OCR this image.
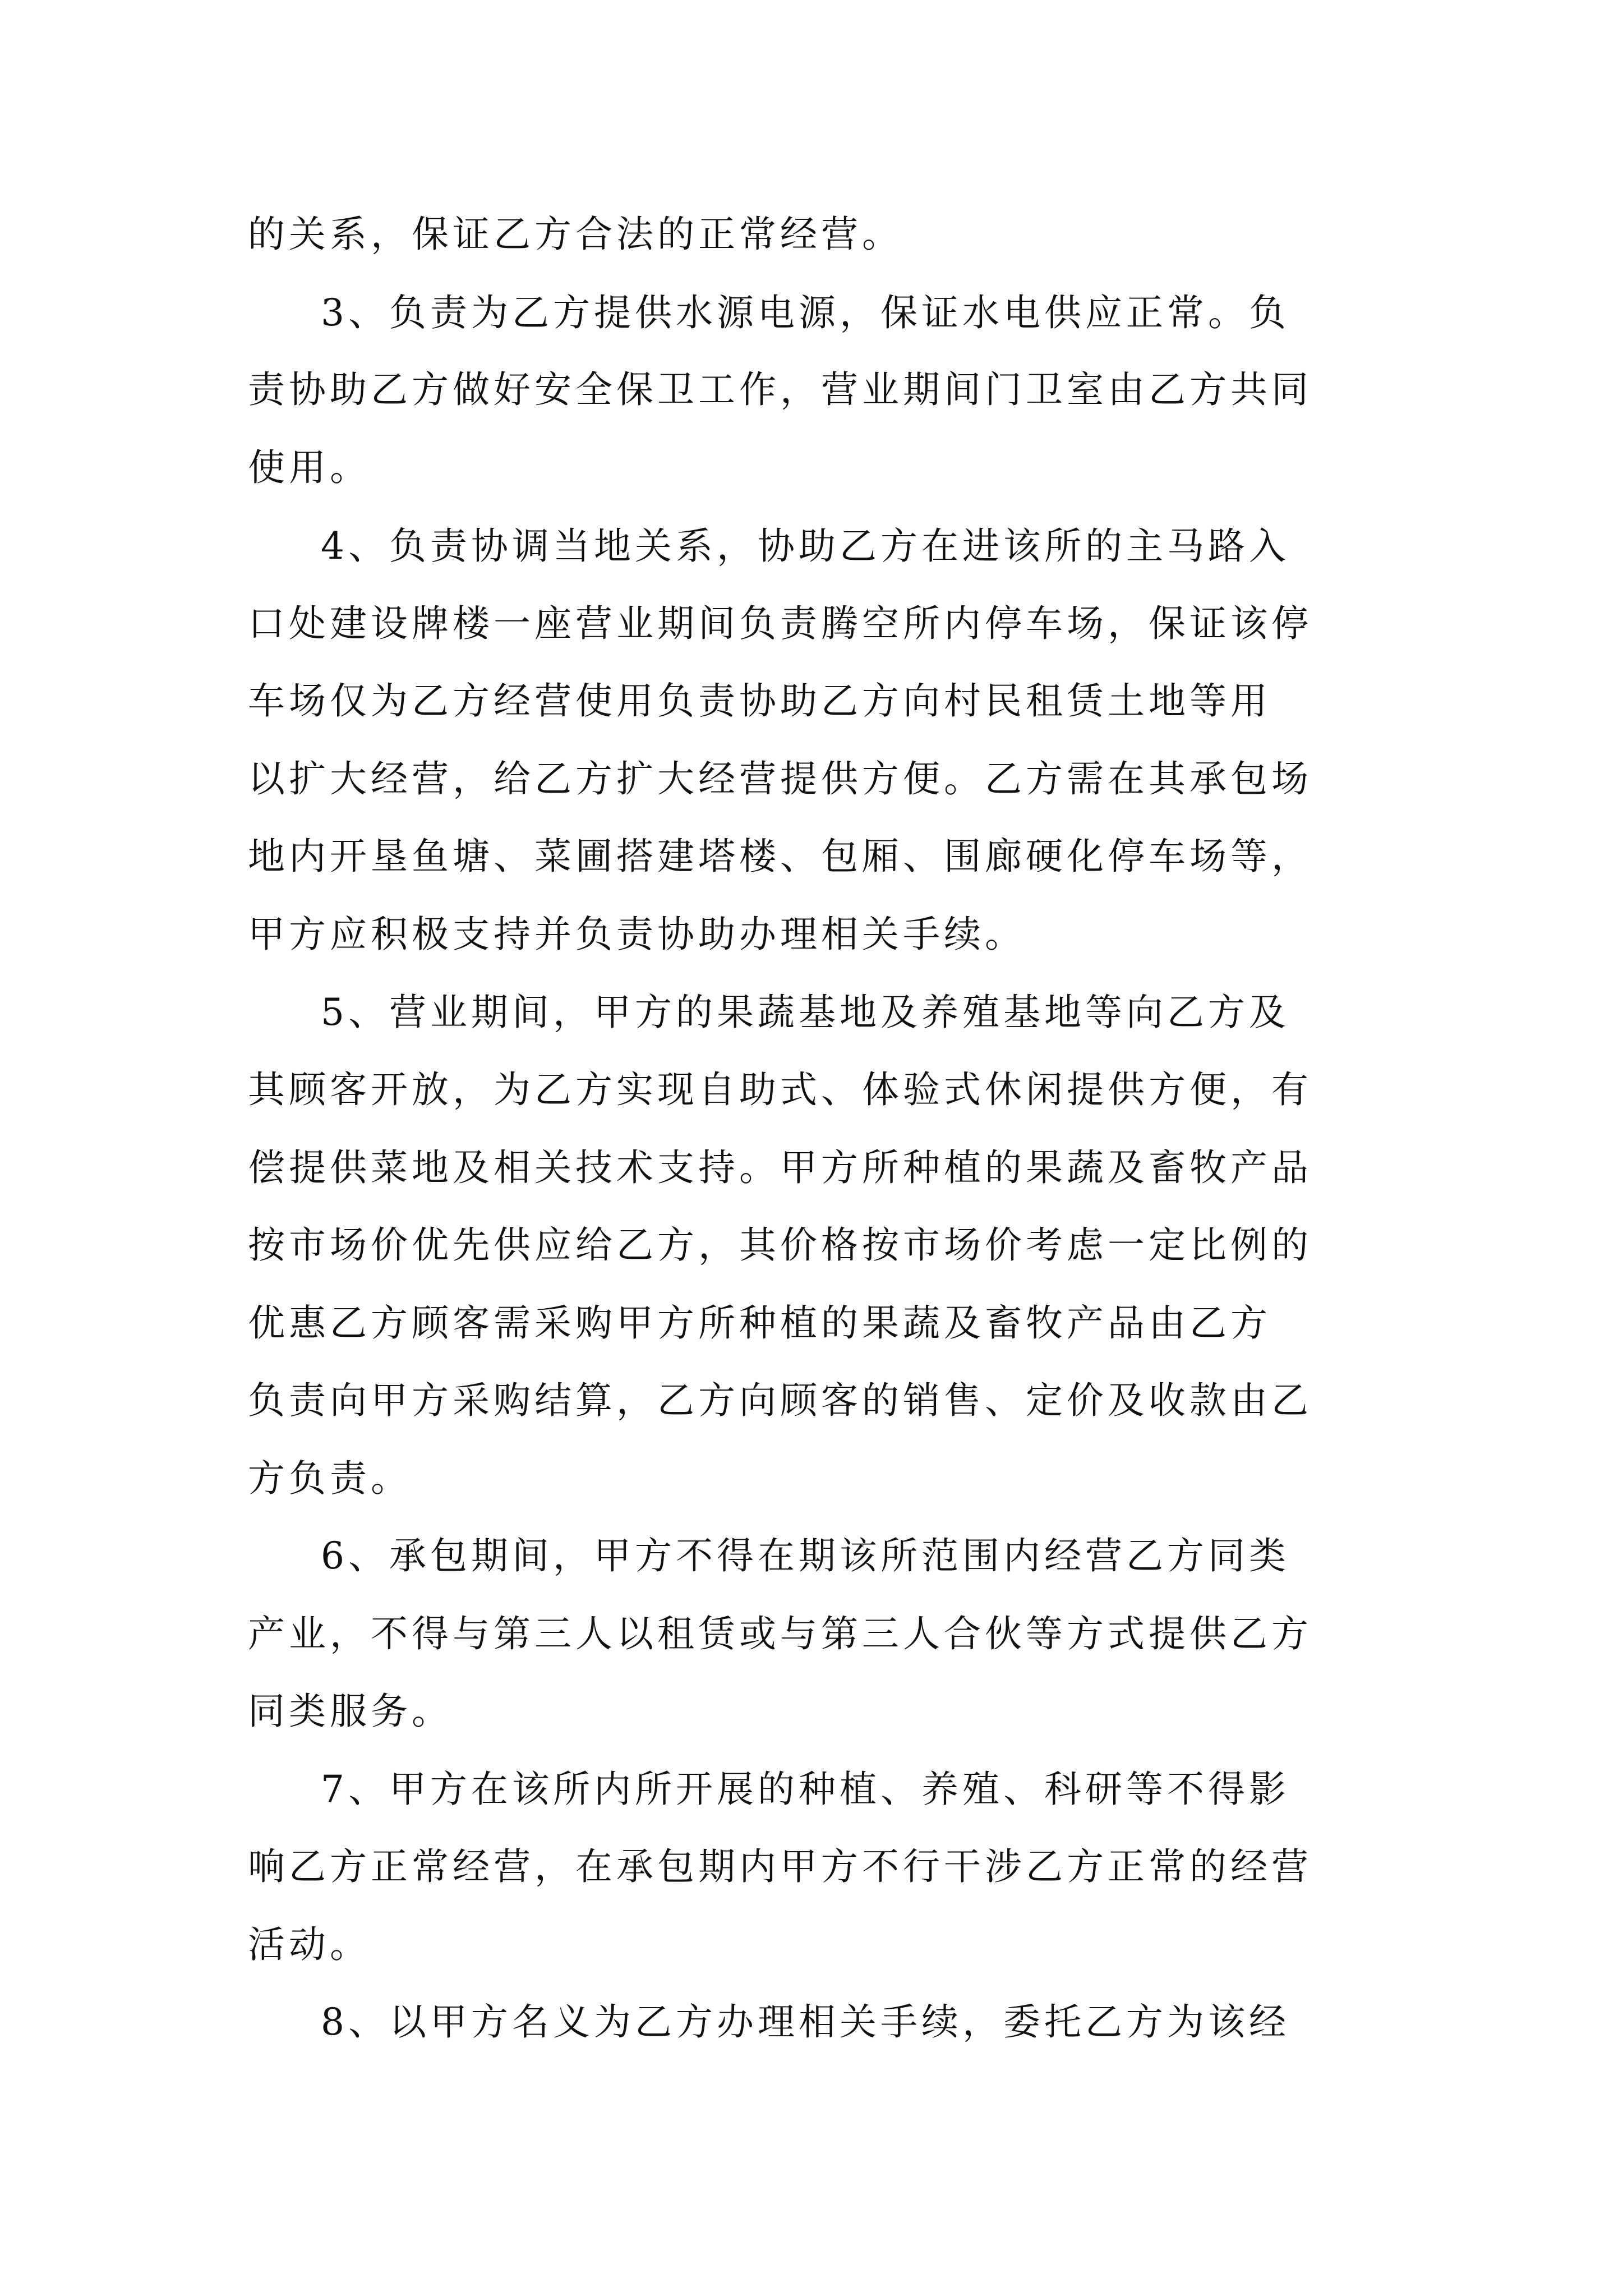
的关系，保证乙方合法的正常经营。
3、负责为乙方提供水源电源，保证水电供应正常。负
责协助乙方做好安全保卫工作，营业期间门卫室由乙方共同
使用。
4、负责协调当地关系，协助乙方在进该所的主马路入
口处建设牌楼一座营业期间负责腾空所内停车场，保证该停
车场仅为乙方经营使用负责协助乙方向村民租赁土地等用
以扩大经营，给乙方扩大经营提供方便。乙方需在其承包场
地内开垦鱼塘、菜圃搭建塔楼、包厢、围廊硬化停车场等，
甲方应积极支持并负责协助办理相关手续。
5、营业期间，甲方的果蔬基地及养殖基地等向乙方及
其顾客开放，为乙方实现自助式、体验式休闲提供方便，有
偿提供菜地及相关技术支持。甲方所种植的果蔬及畜牧产品
按市场价优先供应给乙方，其价格按市场价考虑一定比例的
优惠乙方顾客需采购甲方所种植的果蔬及畜牧产品由乙方
负责向甲方采购结算，乙方向顾客的销售、定价及收款由乙
方负责。
6、承包期间，甲方不得在期该所范围内经营乙方同类
产业，不得与第三人以租赁或与第三人合伙等方式提供乙方
同类服务。
7、甲方在该所内所开展的种植、养殖、科研等不得影
响乙方正常经营，在承包期内甲方不行干涉乙方正常的经营
活动。
8、以甲方名义为乙方办理相关手续，委托乙方为该经
